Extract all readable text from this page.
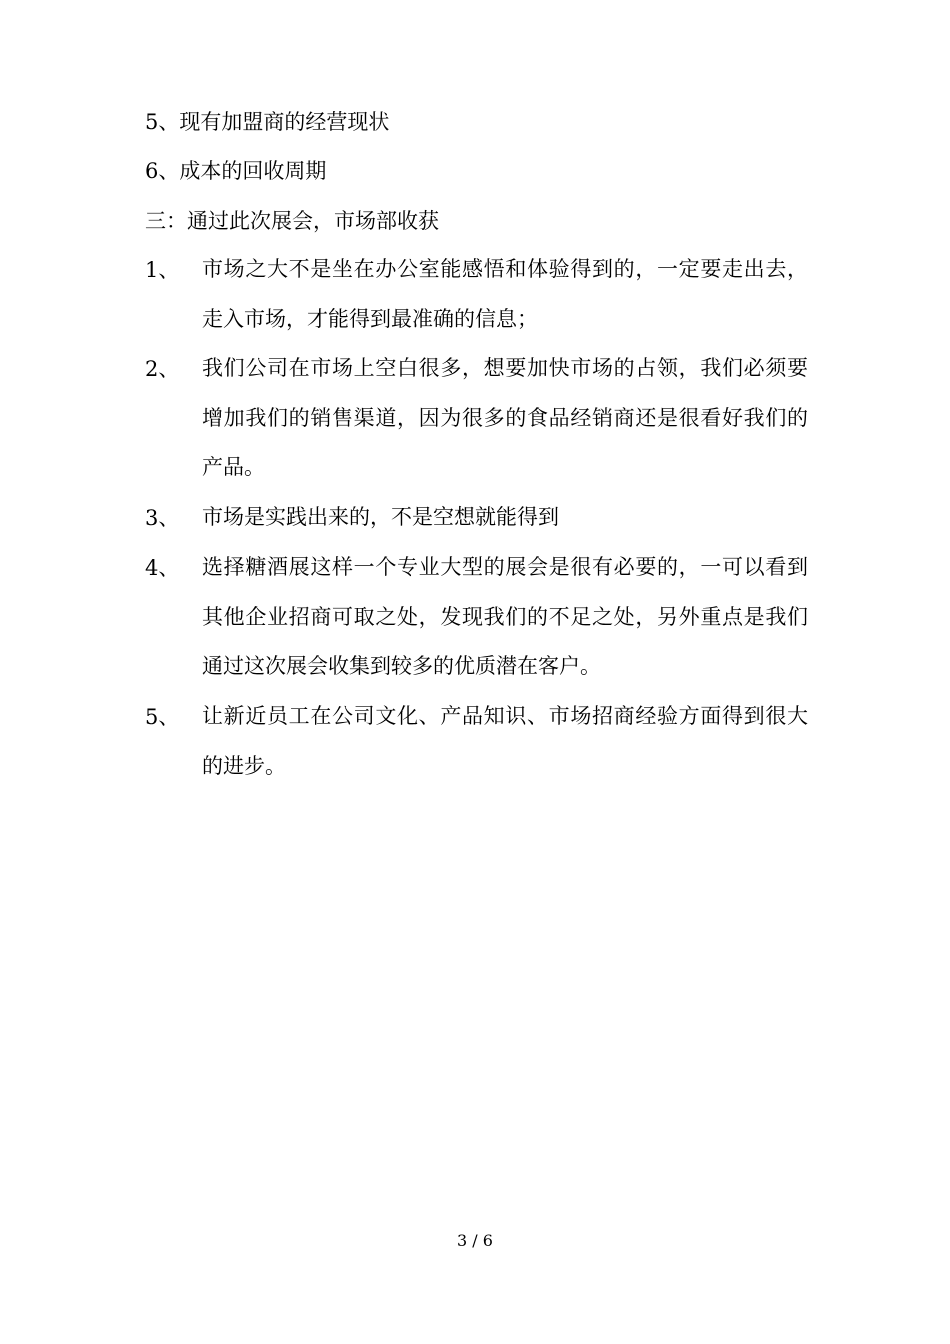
5、现有加盟商的经营现状
6、成本的回收周期
三：通过此次展会，市场部收获
1、 市场之大不是坐在办公室能感悟和体验得到的，一定要走出去，走入市场，才能得到最准确的信息；
2、 我们公司在市场上空白很多，想要加快市场的占领，我们必须要增加我们的销售渠道，因为很多的食品经销商还是很看好我们的产品。
3、 市场是实践出来的，不是空想就能得到
4、 选择糖酒展这样一个专业大型的展会是很有必要的，一可以看到其他企业招商可取之处，发现我们的不足之处，另外重点是我们通过这次展会收集到较多的优质潜在客户。
5、 让新近员工在公司文化、产品知识、市场招商经验方面得到很大的进步。
3 / 6
